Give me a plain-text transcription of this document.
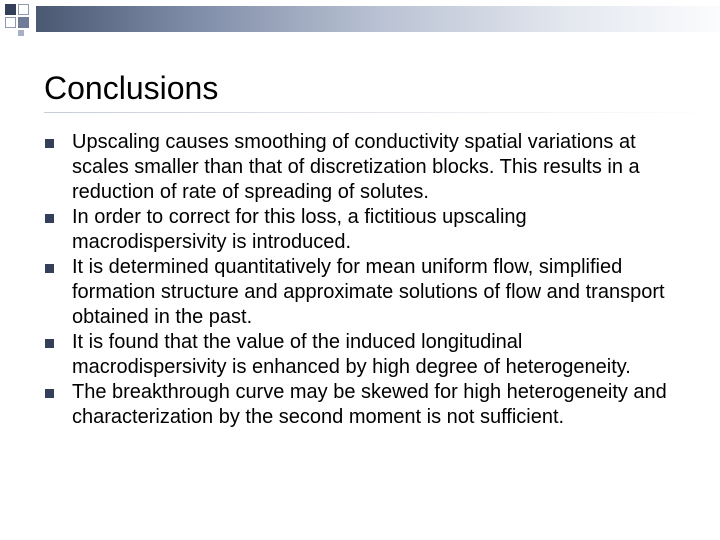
Conclusions
Upscaling causes smoothing of conductivity spatial variations at scales smaller than that of discretization blocks. This results in a reduction of rate of spreading of solutes.
In order to correct for this loss, a fictitious upscaling macrodispersivity is introduced.
It is determined quantitatively for mean uniform flow, simplified formation structure and approximate solutions of flow and transport obtained in the past.
It is found that the value of the induced longitudinal macrodispersivity is enhanced by high degree of heterogeneity.
The breakthrough curve may be skewed for high heterogeneity and characterization by the second moment is not sufficient.
